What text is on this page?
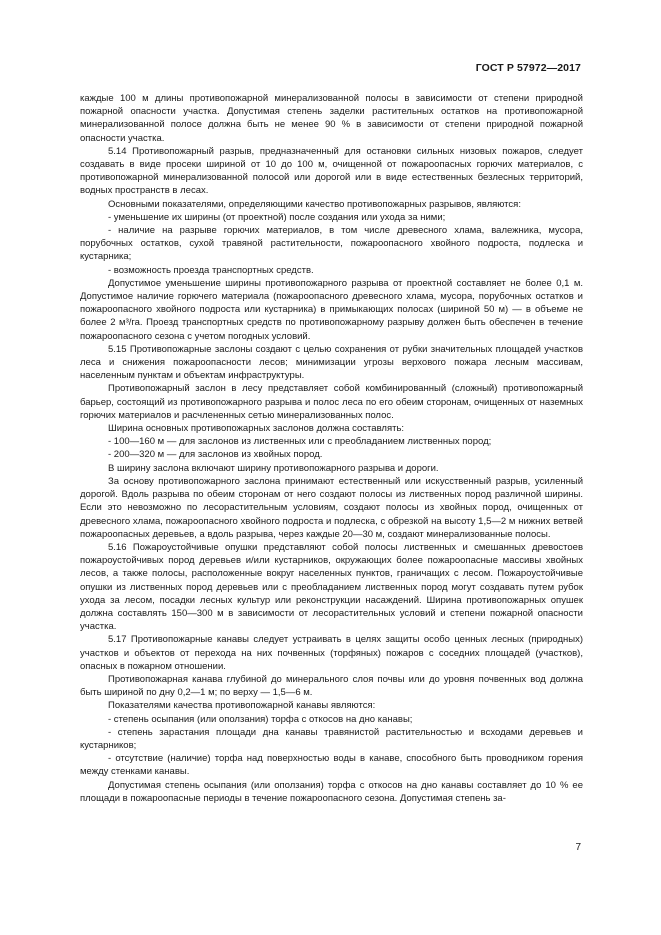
ГОСТ Р 57972—2017

каждые 100 м длины противопожарной минерализованной полосы в зависимости от степени природной пожарной опасности участка. Допустимая степень заделки растительных остатков на противопожарной минерализованной полосе должна быть не менее 90 % в зависимости от степени природной пожарной опасности участка.

5.14 Противопожарный разрыв, предназначенный для остановки сильных низовых пожаров, следует создавать в виде просеки шириной от 10 до 100 м, очищенной от пожароопасных горючих материалов, с противопожарной минерализованной полосой или дорогой или в виде естественных безлесных территорий, водных пространств в лесах.

Основными показателями, определяющими качество противопожарных разрывов, являются:

- уменьшение их ширины (от проектной) после создания или ухода за ними;

- наличие на разрыве горючих материалов, в том числе древесного хлама, валежника, мусора, порубочных остатков, сухой травяной растительности, пожароопасного хвойного подроста, подлеска и кустарника;

- возможность проезда транспортных средств.

Допустимое уменьшение ширины противопожарного разрыва от проектной составляет не более 0,1 м. Допустимое наличие горючего материала (пожароопасного древесного хлама, мусора, порубочных остатков и пожароопасного хвойного подроста или кустарника) в примыкающих полосах (шириной 50 м) — в объеме не более 2 м³/га. Проезд транспортных средств по противопожарному разрыву должен быть обеспечен в течение пожароопасного сезона с учетом погодных условий.

5.15 Противопожарные заслоны создают с целью сохранения от рубки значительных площадей участков леса и снижения пожароопасности лесов; минимизации угрозы верхового пожара лесным массивам, населенным пунктам и объектам инфраструктуры.

Противопожарный заслон в лесу представляет собой комбинированный (сложный) противопожарный барьер, состоящий из противопожарного разрыва и полос леса по его обеим сторонам, очищенных от наземных горючих материалов и расчлененных сетью минерализованных полос.

Ширина основных противопожарных заслонов должна составлять:

- 100—160 м — для заслонов из лиственных или с преобладанием лиственных пород;

- 200—320 м — для заслонов из хвойных пород.

В ширину заслона включают ширину противопожарного разрыва и дороги.

За основу противопожарного заслона принимают естественный или искусственный разрыв, усиленный дорогой. Вдоль разрыва по обеим сторонам от него создают полосы из лиственных пород различной ширины. Если это невозможно по лесорастительным условиям, создают полосы из хвойных пород, очищенных от древесного хлама, пожароопасного хвойного подроста и подлеска, с обрезкой на высоту 1,5—2 м нижних ветвей пожароопасных деревьев, а вдоль разрыва, через каждые 20—30 м, создают минерализованные полосы.

5.16 Пожароустойчивые опушки представляют собой полосы лиственных и смешанных древостоев пожароустойчивых пород деревьев и/или кустарников, окружающих более пожароопасные массивы хвойных лесов, а также полосы, расположенные вокруг населенных пунктов, граничащих с лесом. Пожароустойчивые опушки из лиственных пород деревьев или с преобладанием лиственных пород могут создавать путем рубок ухода за лесом, посадки лесных культур или реконструкции насаждений. Ширина противопожарных опушек должна составлять 150—300 м в зависимости от лесорастительных условий и степени пожарной опасности участка.

5.17 Противопожарные канавы следует устраивать в целях защиты особо ценных лесных (природных) участков и объектов от перехода на них почвенных (торфяных) пожаров с соседних площадей (участков), опасных в пожарном отношении.

Противопожарная канава глубиной до минерального слоя почвы или до уровня почвенных вод должна быть шириной по дну 0,2—1 м; по верху — 1,5—6 м.

Показателями качества противопожарной канавы являются:

- степень осыпания (или оползания) торфа с откосов на дно канавы;

- степень зарастания площади дна канавы травянистой растительностью и всходами деревьев и кустарников;

- отсутствие (наличие) торфа над поверхностью воды в канаве, способного быть проводником горения между стенками канавы.

Допустимая степень осыпания (или оползания) торфа с откосов на дно канавы составляет до 10 % ее площади в пожароопасные периоды в течение пожароопасного сезона. Допустимая степень за-

7
